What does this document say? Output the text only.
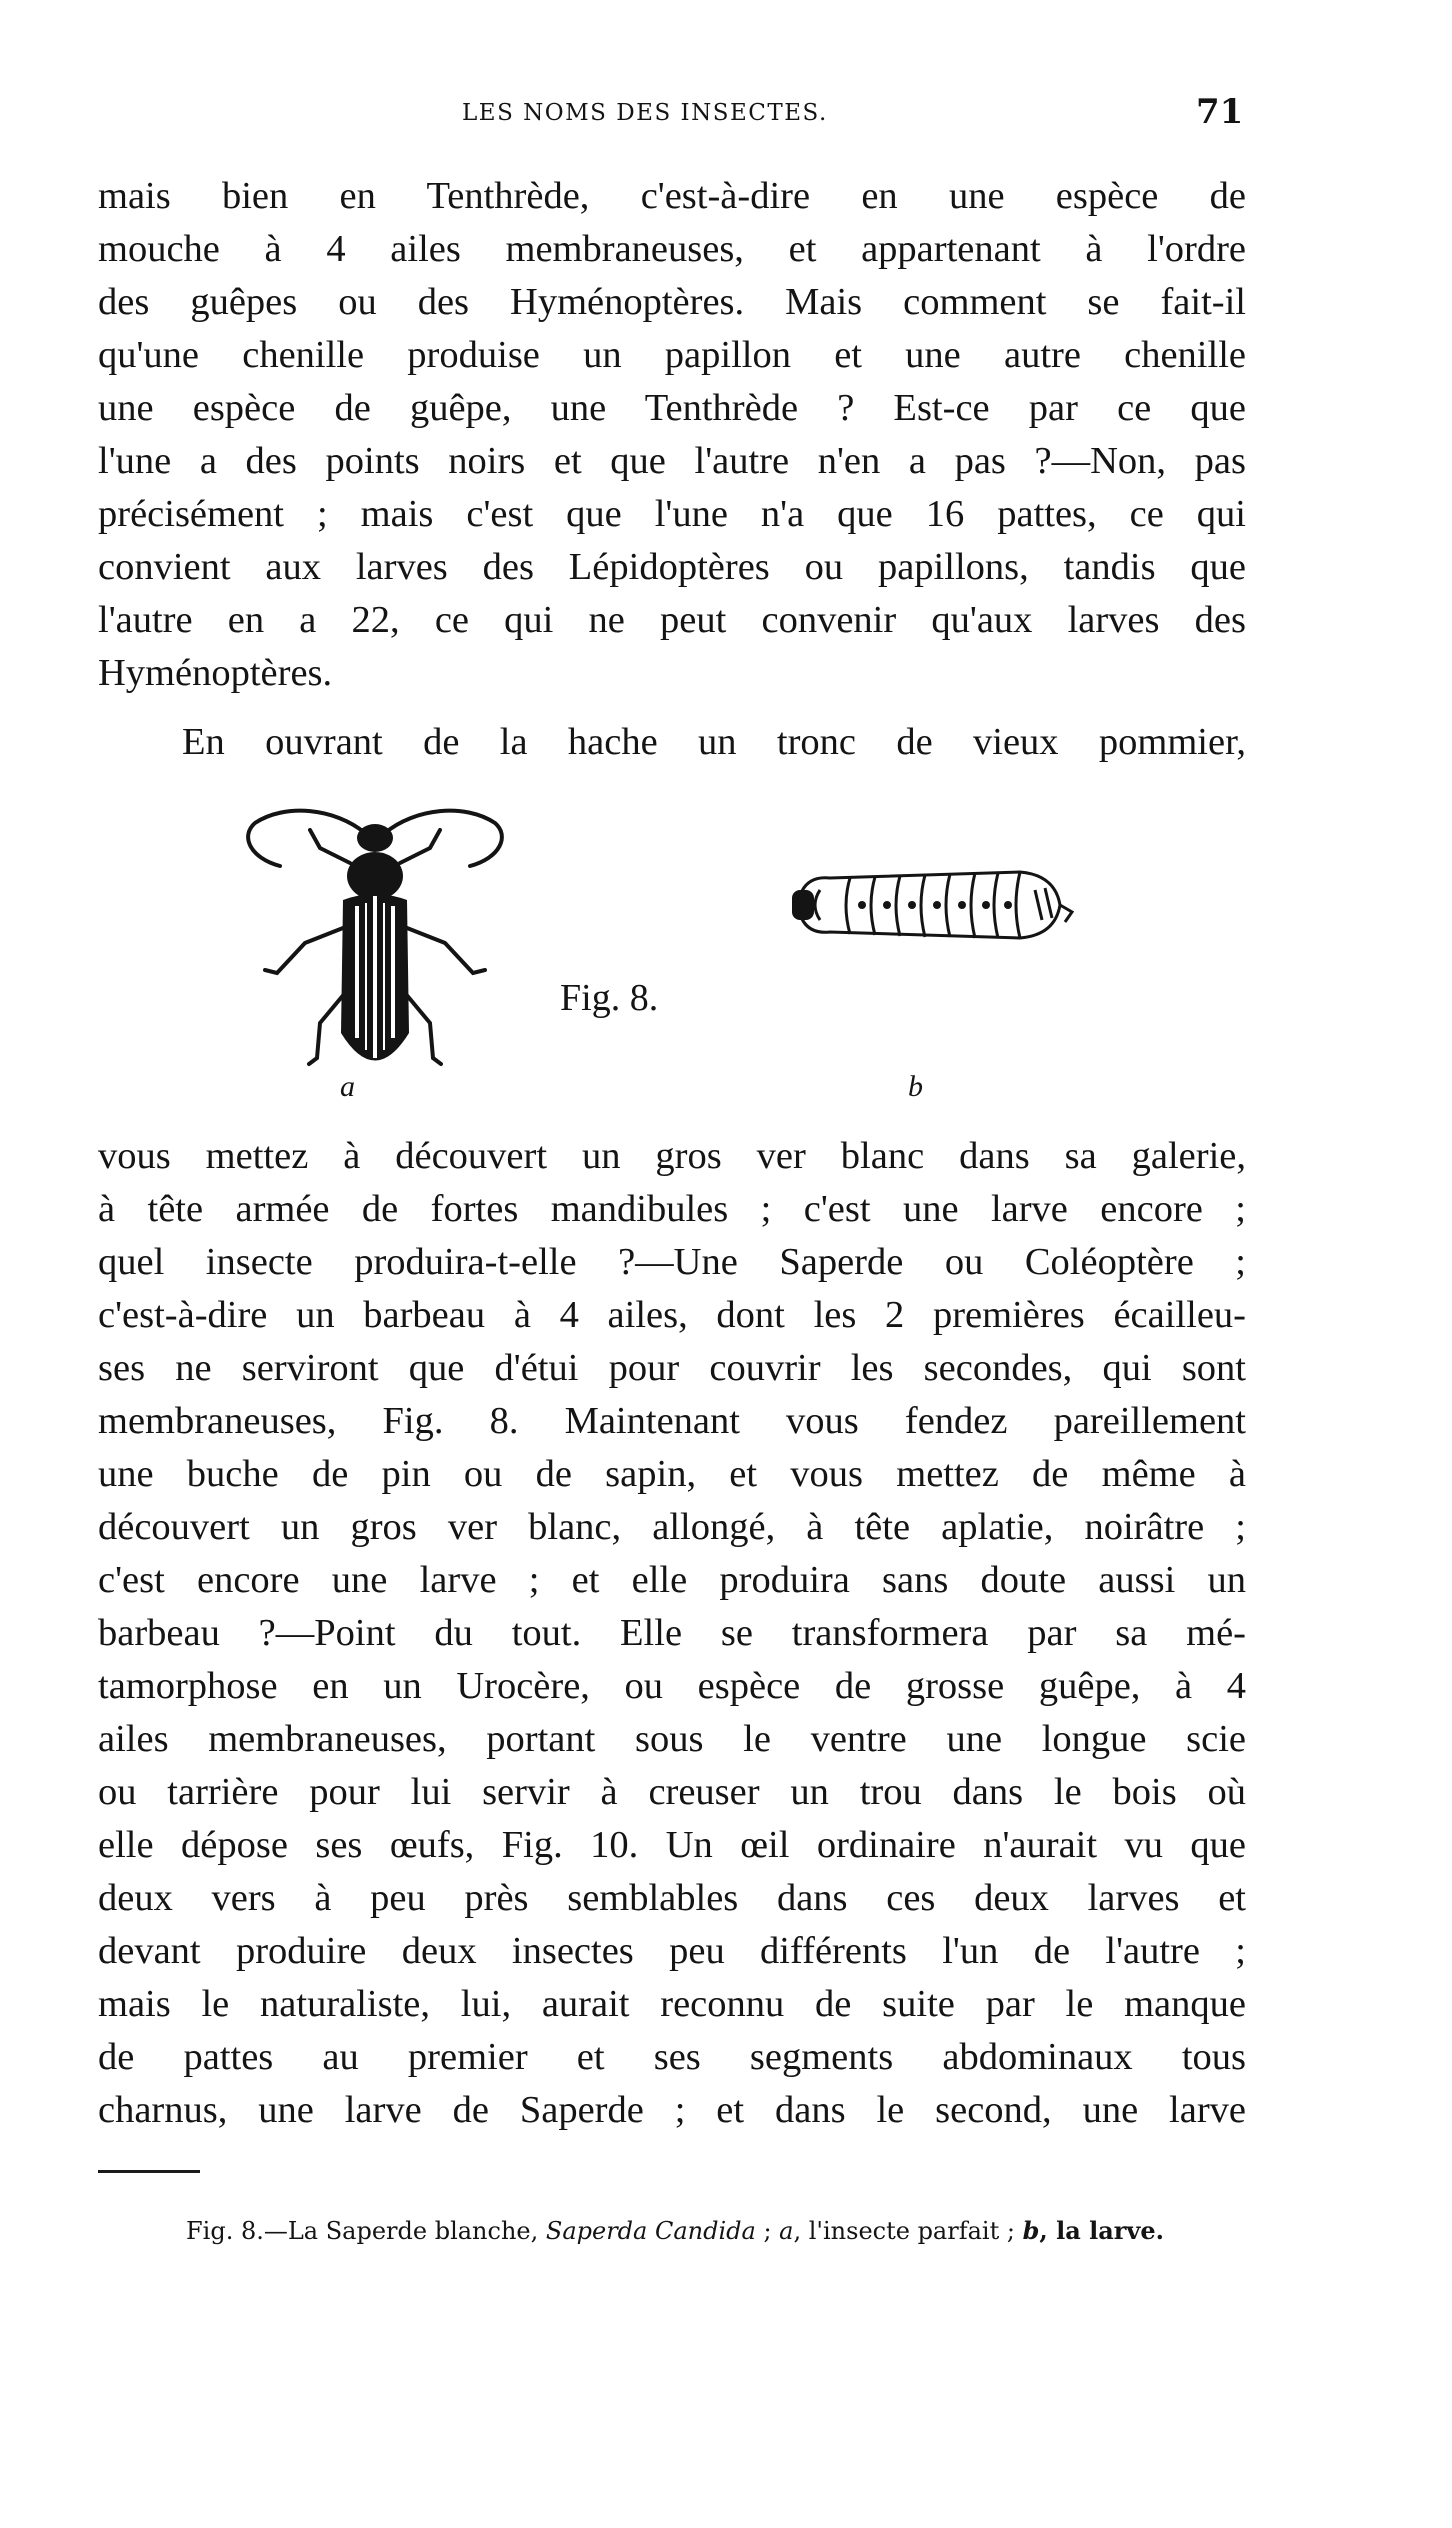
LES NOMS DES INSECTES.	71
mais bien en Tenthrède, c'est-à-dire en une espèce de
mouche à 4 ailes membraneuses, et appartenant à l'ordre
des guêpes ou des Hyménoptères. Mais comment se fait-il
qu'une chenille produise un papillon et une autre chenille
une espèce de guêpe, une Tenthrède ? Est-ce par ce que
l'une a des points noirs et que l'autre n'en a pas ?—Non, pas
précisément ; mais c'est que l'une n'a que 16 pattes, ce qui
convient aux larves des Lépidoptères ou papillons, tandis que
l'autre en a 22, ce qui ne peut convenir qu'aux larves des
Hyménoptères.
En ouvrant de la hache un tronc de vieux pommier,
Fig. 8.
a	b
vous mettez à découvert un gros ver blanc dans sa galerie,
à tête armée de fortes mandibules ; c'est une larve encore ;
quel insecte produira-t-elle ?—Une Saperde ou Coléoptère ;
c'est-à-dire un barbeau à 4 ailes, dont les 2 premières écailleu-
ses ne serviront que d'étui pour couvrir les secondes, qui sont
membraneuses, Fig. 8. Maintenant vous fendez pareillement
une buche de pin ou de sapin, et vous mettez de même à
découvert un gros ver blanc, allongé, à tête aplatie, noirâtre ;
c'est encore une larve ; et elle produira sans doute aussi un
barbeau ?—Point du tout. Elle se transformera par sa mé-
tamorphose en un Urocère, ou espèce de grosse guêpe, à 4
ailes membraneuses, portant sous le ventre une longue scie
ou tarrière pour lui servir à creuser un trou dans le bois où
elle dépose ses œufs, Fig. 10. Un œil ordinaire n'aurait vu que
deux vers à peu près semblables dans ces deux larves et
devant produire deux insectes peu différents l'un de l'autre ;
mais le naturaliste, lui, aurait reconnu de suite par le manque
de pattes au premier et ses segments abdominaux tous
charnus, une larve de Saperde ; et dans le second, une larve
Fig. 8.—La Saperde blanche, Saperda Candida ; a, l'insecte parfait ; b, la larve.
